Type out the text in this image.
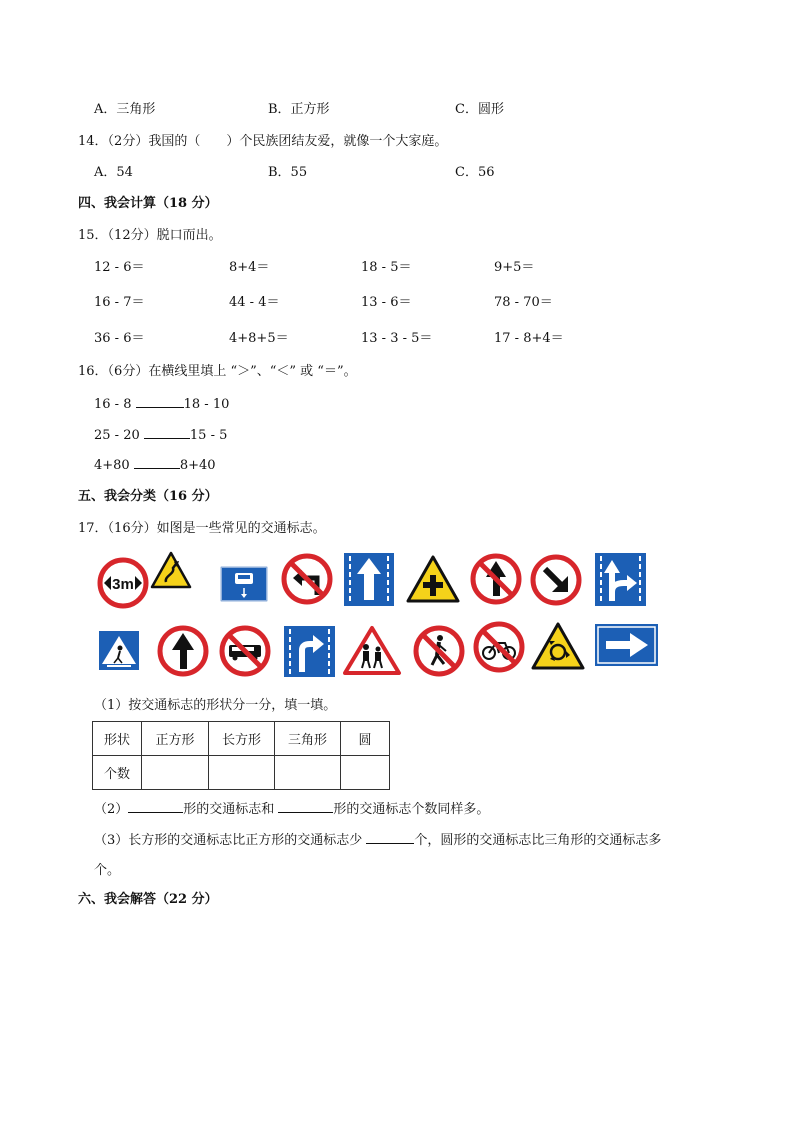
A．三角形	B．正方形	C．圆形
14．（2分）我国的（　　）个民族团结友爱，就像一个大家庭。
A．54	B．55	C．56
四、我会计算（18 分）
15．（12分）脱口而出。
12 - 6＝	8+4＝	18 - 5＝	9+5＝
16 - 7＝	44 - 4＝	13 - 6＝	78 - 70＝
36 - 6＝	4+8+5＝	13 - 3 - 5＝	17 - 8+4＝
16．（6分）在横线里填上 “＞”、“＜” 或 “＝”。
16 - 8	18 - 10
25 - 20	15 - 5
4+80	8+40
五、我会分类（16 分）
17．（16分）如图是一些常见的交通标志。
3m
（1）按交通标志的形状分一分，填一填。
形状	正方形	长方形	三角形	圆
个数				
（2）	形的交通标志和	形的交通标志个数同样多。
（3）长方形的交通标志比正方形的交通标志少	个，圆形的交通标志比三角形的交通标志多
个。
六、我会解答（22 分）
